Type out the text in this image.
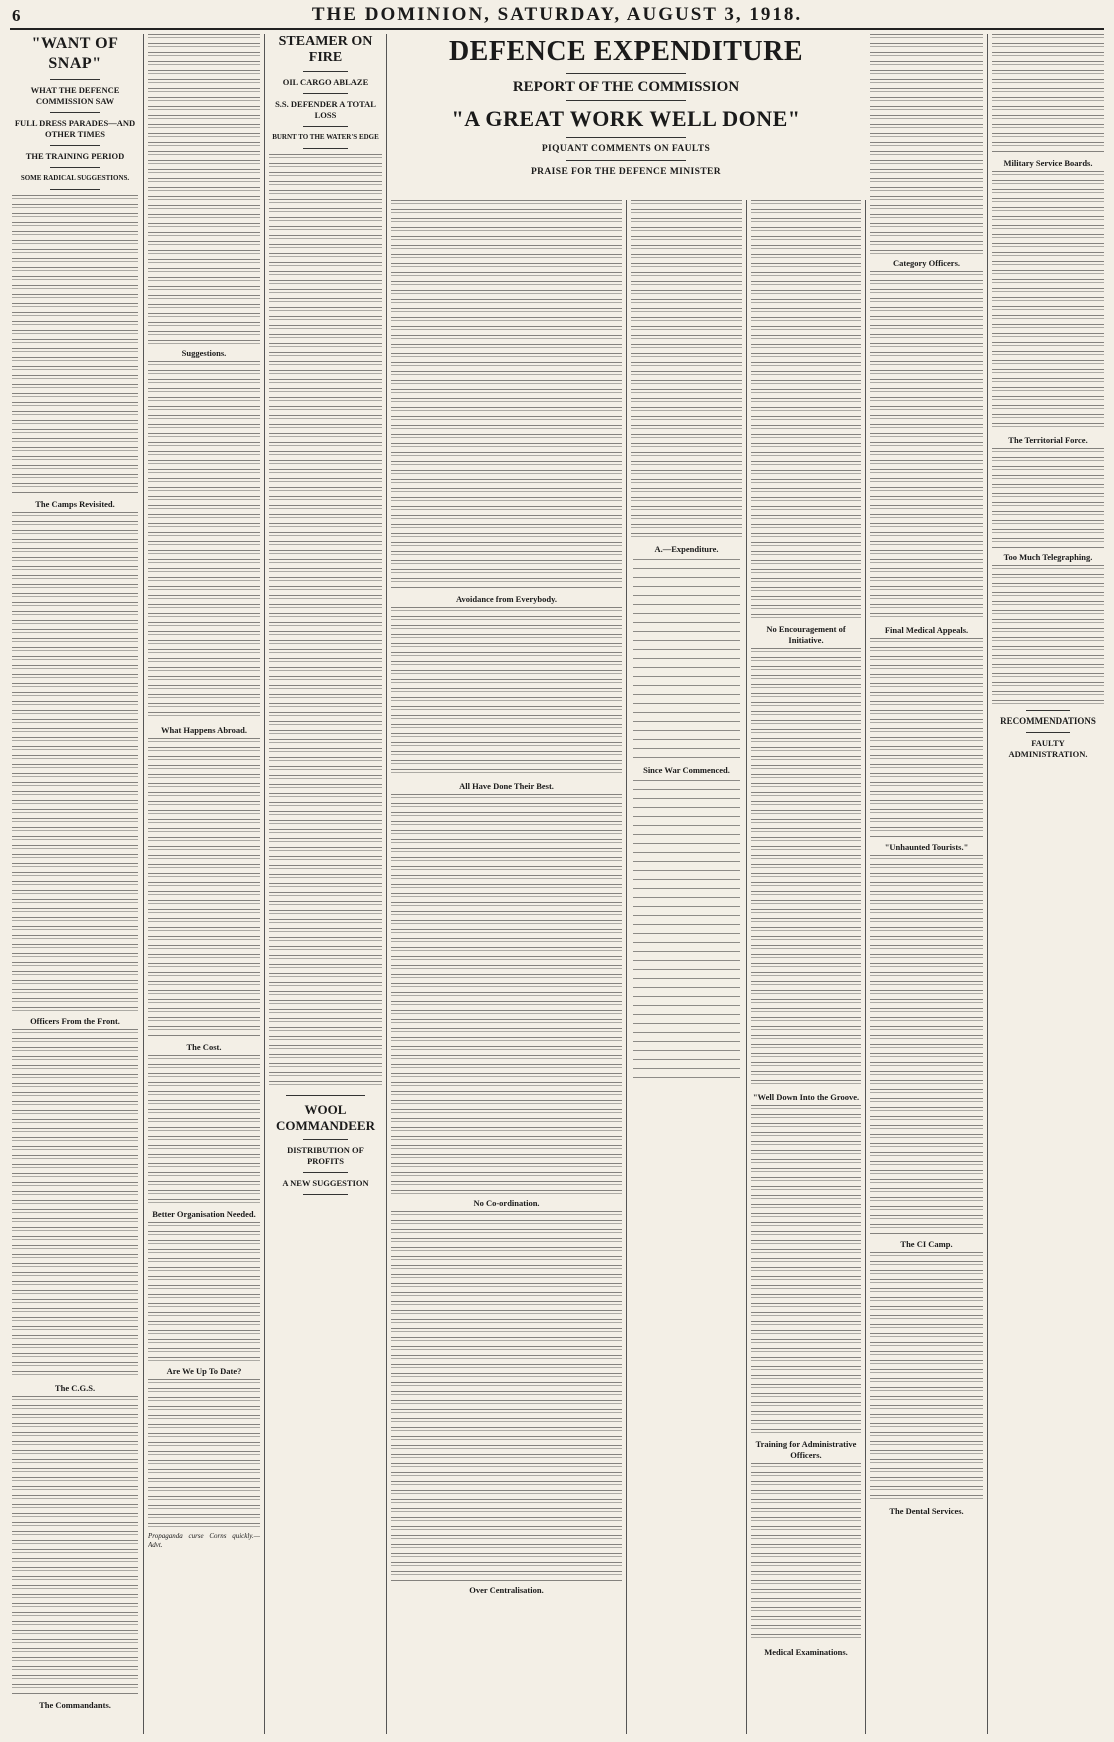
6	THE DOMINION, SATURDAY, AUGUST 3, 1918.
"WANT OF SNAP"
WHAT THE DEFENCE COMMISSION SAW
FULL DRESS PARADES—AND OTHER TIMES
THE TRAINING PERIOD
SOME RADICAL SUGGESTIONS.
The Camps Revisited.
Officers From the Front.
The C.G.S.
The Commandants.
Suggestions.
What Happens Abroad.
The Cost.
Better Organisation Needed.
Are We Up To Date?
Propaganda curse Corns quickly.—Advt.
STEAMER ON FIRE
OIL CARGO ABLAZE
S.S. DEFENDER A TOTAL LOSS
BURNT TO THE WATER'S EDGE
WOOL COMMANDEER
DISTRIBUTION OF PROFITS
A NEW SUGGESTION
DEFENCE EXPENDITURE
REPORT OF THE COMMISSION
"A GREAT WORK WELL DONE"
PIQUANT COMMENTS ON FAULTS
PRAISE FOR THE DEFENCE MINISTER
Avoidance from Everybody.
All Have Done Their Best.
No Co-ordination.
Over Centralisation.
A.—Expenditure.
Since War Commenced.
No Encouragement of Initiative.
"Well Down Into the Groove.
Training for Administrative Officers.
Medical Examinations.
Category Officers.
Final Medical Appeals.
"Unhaunted Tourists."
The CI Camp.
The Dental Services.
Military Service Boards.
The Territorial Force.
Too Much Telegraphing.
RECOMMENDATIONS
FAULTY ADMINISTRATION.
